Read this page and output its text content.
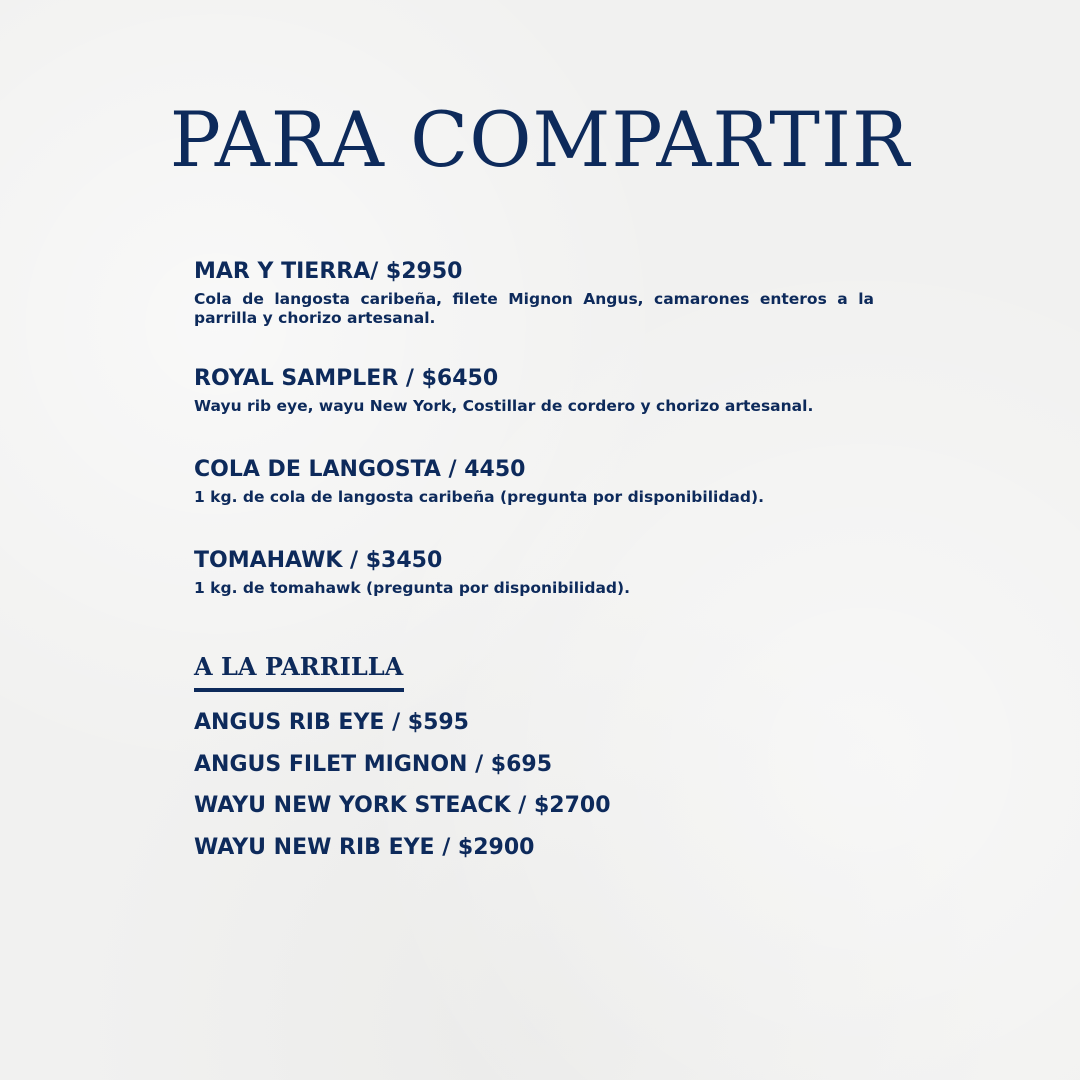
PARA COMPARTIR

MAR Y TIERRA/ $2950

Cola de langosta caribeña, filete Mignon Angus, camarones enteros a la parrilla y chorizo artesanal.

ROYAL SAMPLER / $6450

Wayu rib eye, wayu New York, Costillar de cordero y chorizo artesanal.

COLA DE LANGOSTA / 4450

1 kg. de cola de langosta caribeña (pregunta por disponibilidad).

TOMAHAWK / $3450

1 kg. de tomahawk (pregunta por disponibilidad).

A LA PARRILLA
ANGUS RIB EYE / $595
ANGUS FILET MIGNON / $695
WAYU NEW YORK STEACK / $2700
WAYU NEW RIB EYE / $2900
